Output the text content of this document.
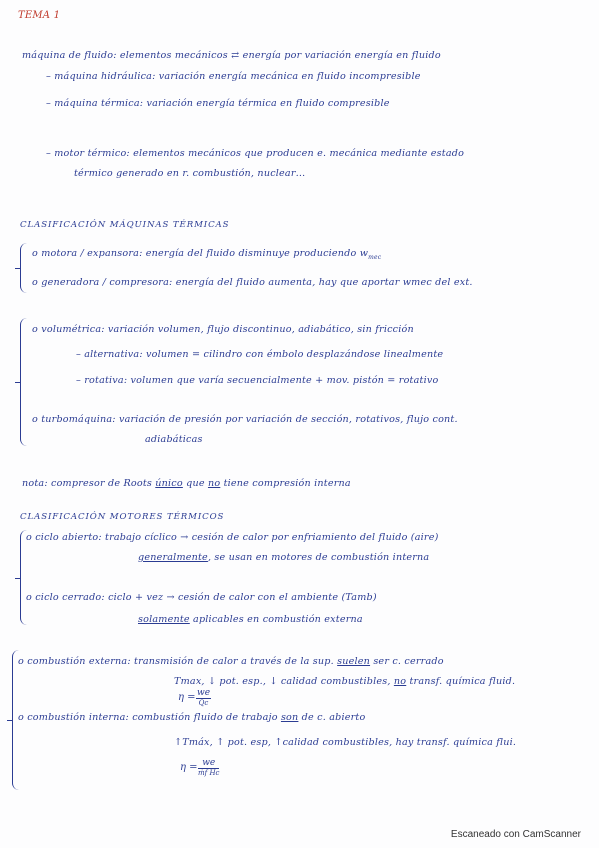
TEMA 1
máquina de fluido: elementos mecánicos ⇄ energía por variación energía en fluido
– máquina hidráulica: variación energía mecánica en fluido incompresible
– máquina térmica: variación energía térmica en fluido compresible
– motor térmico: elementos mecánicos que producen e. mecánica mediante estado
térmico generado en r. combustión, nuclear…
CLASIFICACIÓN MÁQUINAS TÉRMICAS
o motora / expansora: energía del fluido disminuye produciendo $w_{mec}$
o generadora / compresora: energía del fluido aumenta, hay que aportar wmec del ext.
o volumétrica: variación volumen, flujo discontinuo, adiabático, sin fricción
– alternativa: volumen = cilindro con émbolo desplazándose linealmente
– rotativa: volumen que varía secuencialmente + mov. pistón = rotativo
o turbomáquina: variación de presión por variación de sección, rotativos, flujo cont.
adiabáticas
nota: compresor de Roots único que no tiene compresión interna
CLASIFICACIÓN MOTORES TÉRMICOS
o ciclo abierto: trabajo cíclico → cesión de calor por enfriamiento del fluido (aire)
generalmente, se usan en motores de combustión interna
o ciclo cerrado: ciclo + vez → cesión de calor con el ambiente (Tamb)
solamente aplicables en combustión externa
o combustión externa: transmisión de calor a través de la sup. suelen ser c. cerrado
Tmax, ↓ pot. esp., ↓ calidad combustibles, no transf. química fluid.
η = we
Q̇c
o combustión interna: combustión fluido de trabajo son de c. abierto
↑Tmáx, ↑ pot. esp, ↑calidad combustibles, hay transf. química flui.
η = we
ṁf Hc
Escaneado con CamScanner
